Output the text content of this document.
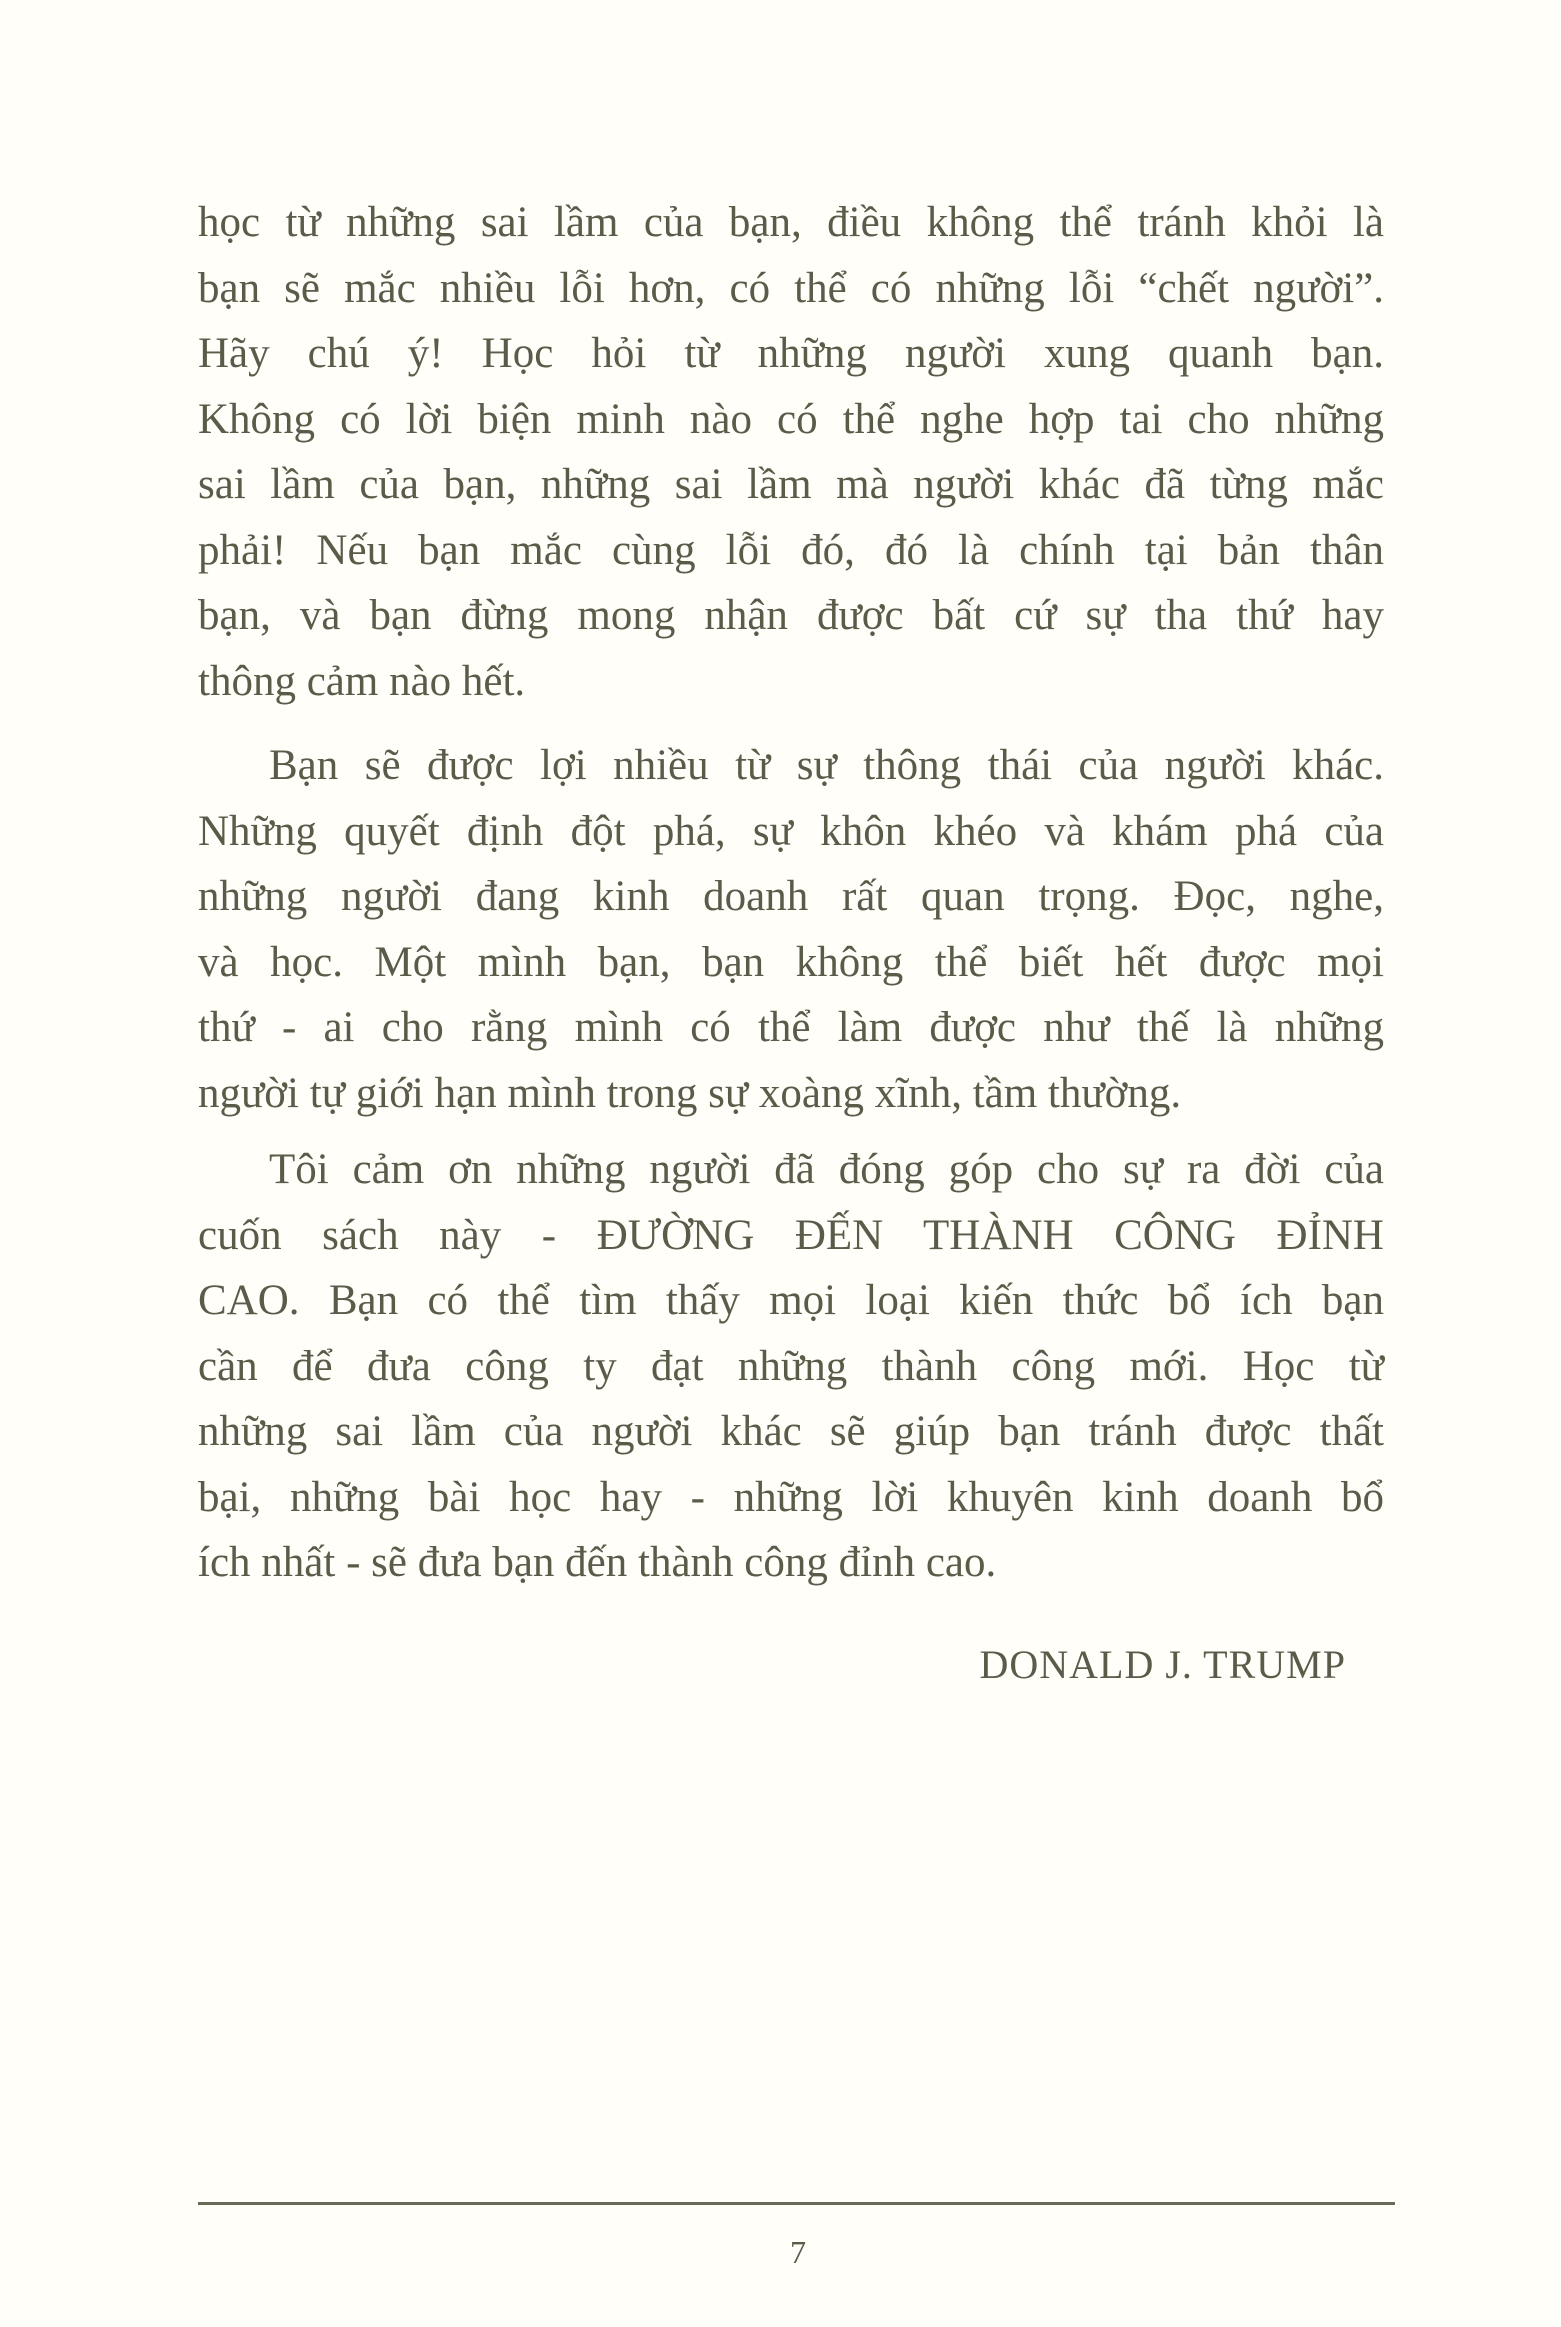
học từ những sai lầm của bạn, điều không thể tránh khỏi là
bạn sẽ mắc nhiều lỗi hơn, có thể có những lỗi “chết người”.
Hãy chú ý! Học hỏi từ những người xung quanh bạn.
Không có lời biện minh nào có thể nghe hợp tai cho những
sai lầm của bạn, những sai lầm mà người khác đã từng mắc
phải! Nếu bạn mắc cùng lỗi đó, đó là chính tại bản thân
bạn, và bạn đừng mong nhận được bất cứ sự tha thứ hay
thông cảm nào hết.
Bạn sẽ được lợi nhiều từ sự thông thái của người khác.
Những quyết định đột phá, sự khôn khéo và khám phá của
những người đang kinh doanh rất quan trọng. Đọc, nghe,
và học. Một mình bạn, bạn không thể biết hết được mọi
thứ - ai cho rằng mình có thể làm được như thế là những
người tự giới hạn mình trong sự xoàng xĩnh, tầm thường.
Tôi cảm ơn những người đã đóng góp cho sự ra đời của
cuốn sách này - ĐƯỜNG ĐẾN THÀNH CÔNG ĐỈNH
CAO. Bạn có thể tìm thấy mọi loại kiến thức bổ ích bạn
cần để đưa công ty đạt những thành công mới. Học từ
những sai lầm của người khác sẽ giúp bạn tránh được thất
bại, những bài học hay - những lời khuyên kinh doanh bổ
ích nhất - sẽ đưa bạn đến thành công đỉnh cao.
DONALD J. TRUMP
7
